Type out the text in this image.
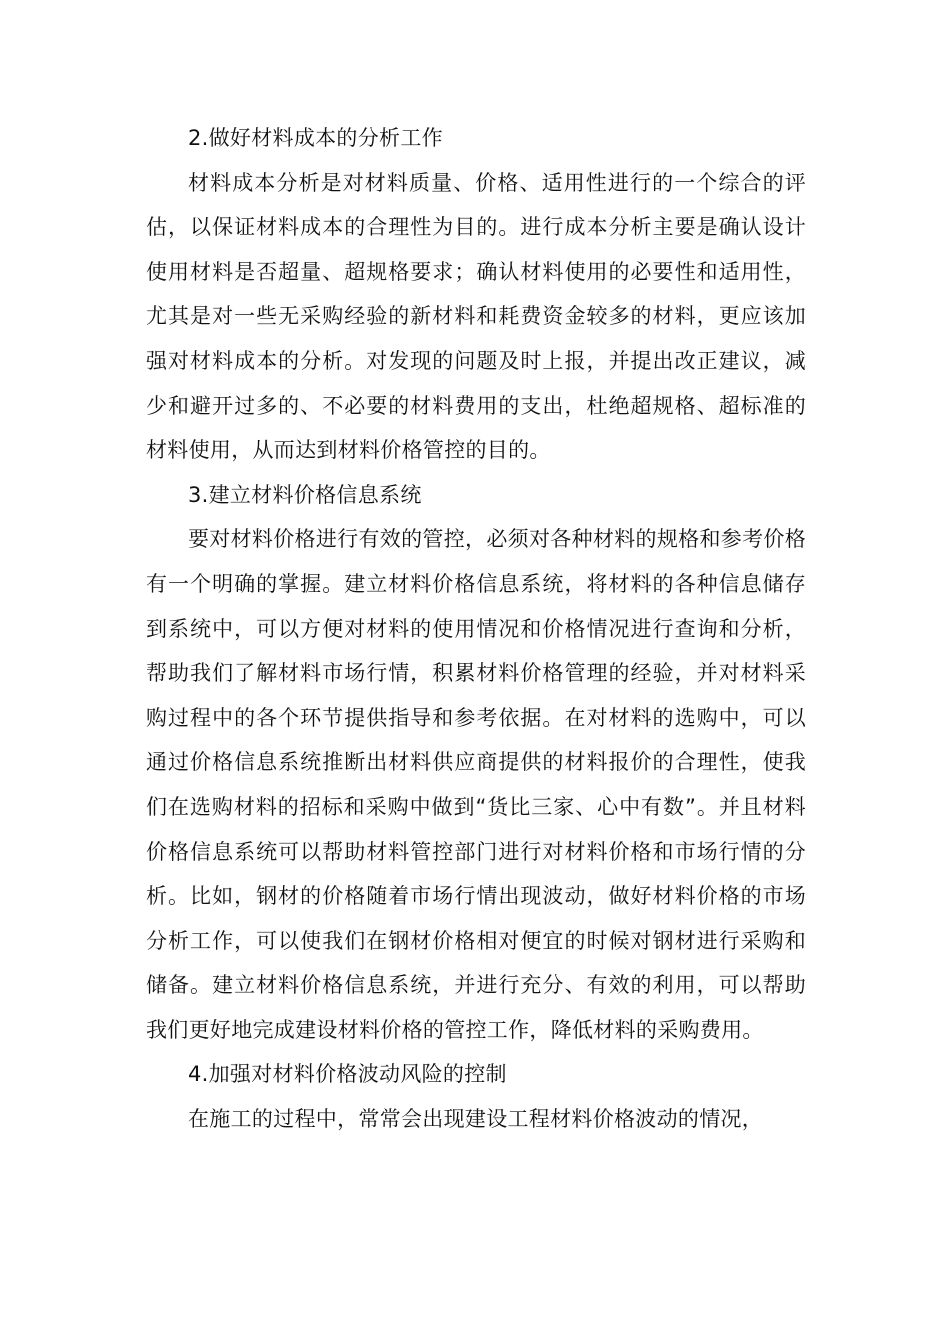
2.做好材料成本的分析工作

材料成本分析是对材料质量、价格、适用性进行的一个综合的评估，以保证材料成本的合理性为目的。进行成本分析主要是确认设计使用材料是否超量、超规格要求；确认材料使用的必要性和适用性，尤其是对一些无采购经验的新材料和耗费资金较多的材料，更应该加强对材料成本的分析。对发现的问题及时上报，并提出改正建议，减少和避开过多的、不必要的材料费用的支出，杜绝超规格、超标准的材料使用，从而达到材料价格管控的目的。

3.建立材料价格信息系统

要对材料价格进行有效的管控，必须对各种材料的规格和参考价格有一个明确的掌握。建立材料价格信息系统，将材料的各种信息储存到系统中，可以方便对材料的使用情况和价格情况进行查询和分析，帮助我们了解材料市场行情，积累材料价格管理的经验，并对材料采购过程中的各个环节提供指导和参考依据。在对材料的选购中，可以通过价格信息系统推断出材料供应商提供的材料报价的合理性，使我们在选购材料的招标和采购中做到“货比三家、心中有数”。并且材料价格信息系统可以帮助材料管控部门进行对材料价格和市场行情的分析。比如，钢材的价格随着市场行情出现波动，做好材料价格的市场分析工作，可以使我们在钢材价格相对便宜的时候对钢材进行采购和储备。建立材料价格信息系统，并进行充分、有效的利用，可以帮助我们更好地完成建设材料价格的管控工作，降低材料的采购费用。

4.加强对材料价格波动风险的控制

在施工的过程中，常常会出现建设工程材料价格波动的情况，
